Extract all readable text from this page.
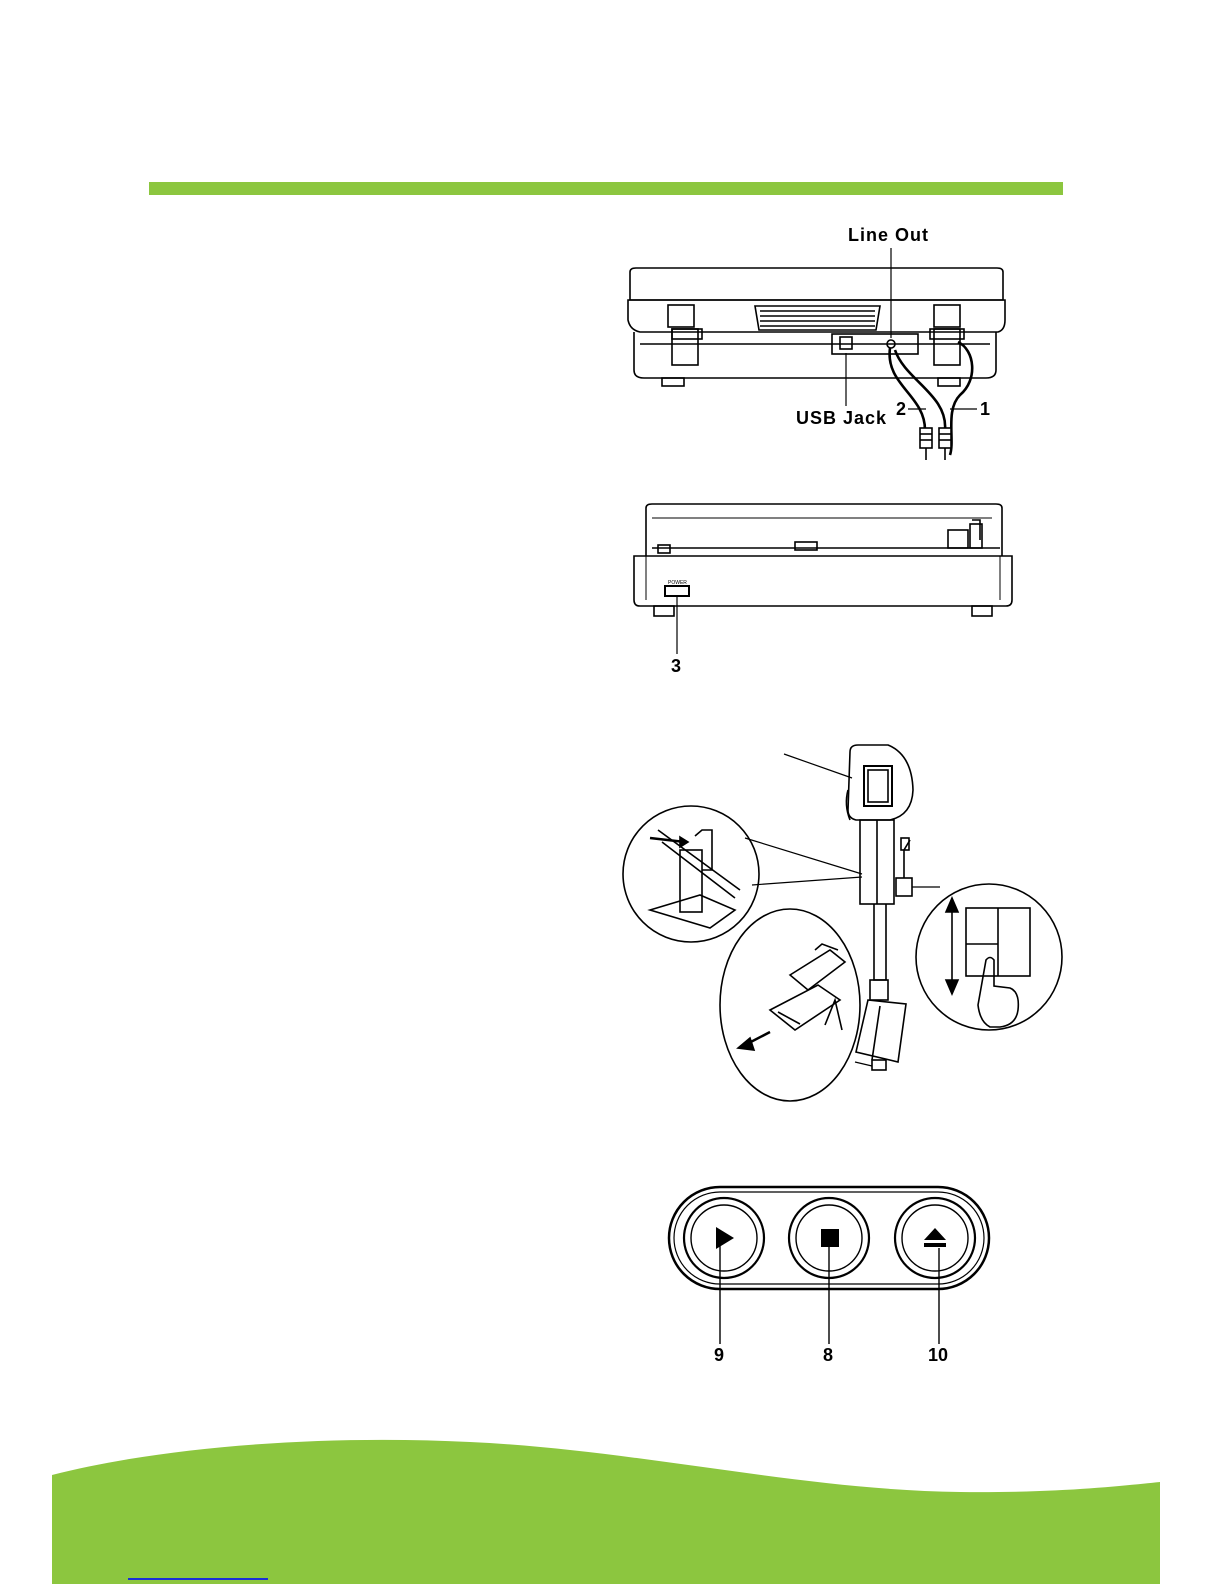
Line Out
USB Jack 2	1
POWER
3
9	8	10
